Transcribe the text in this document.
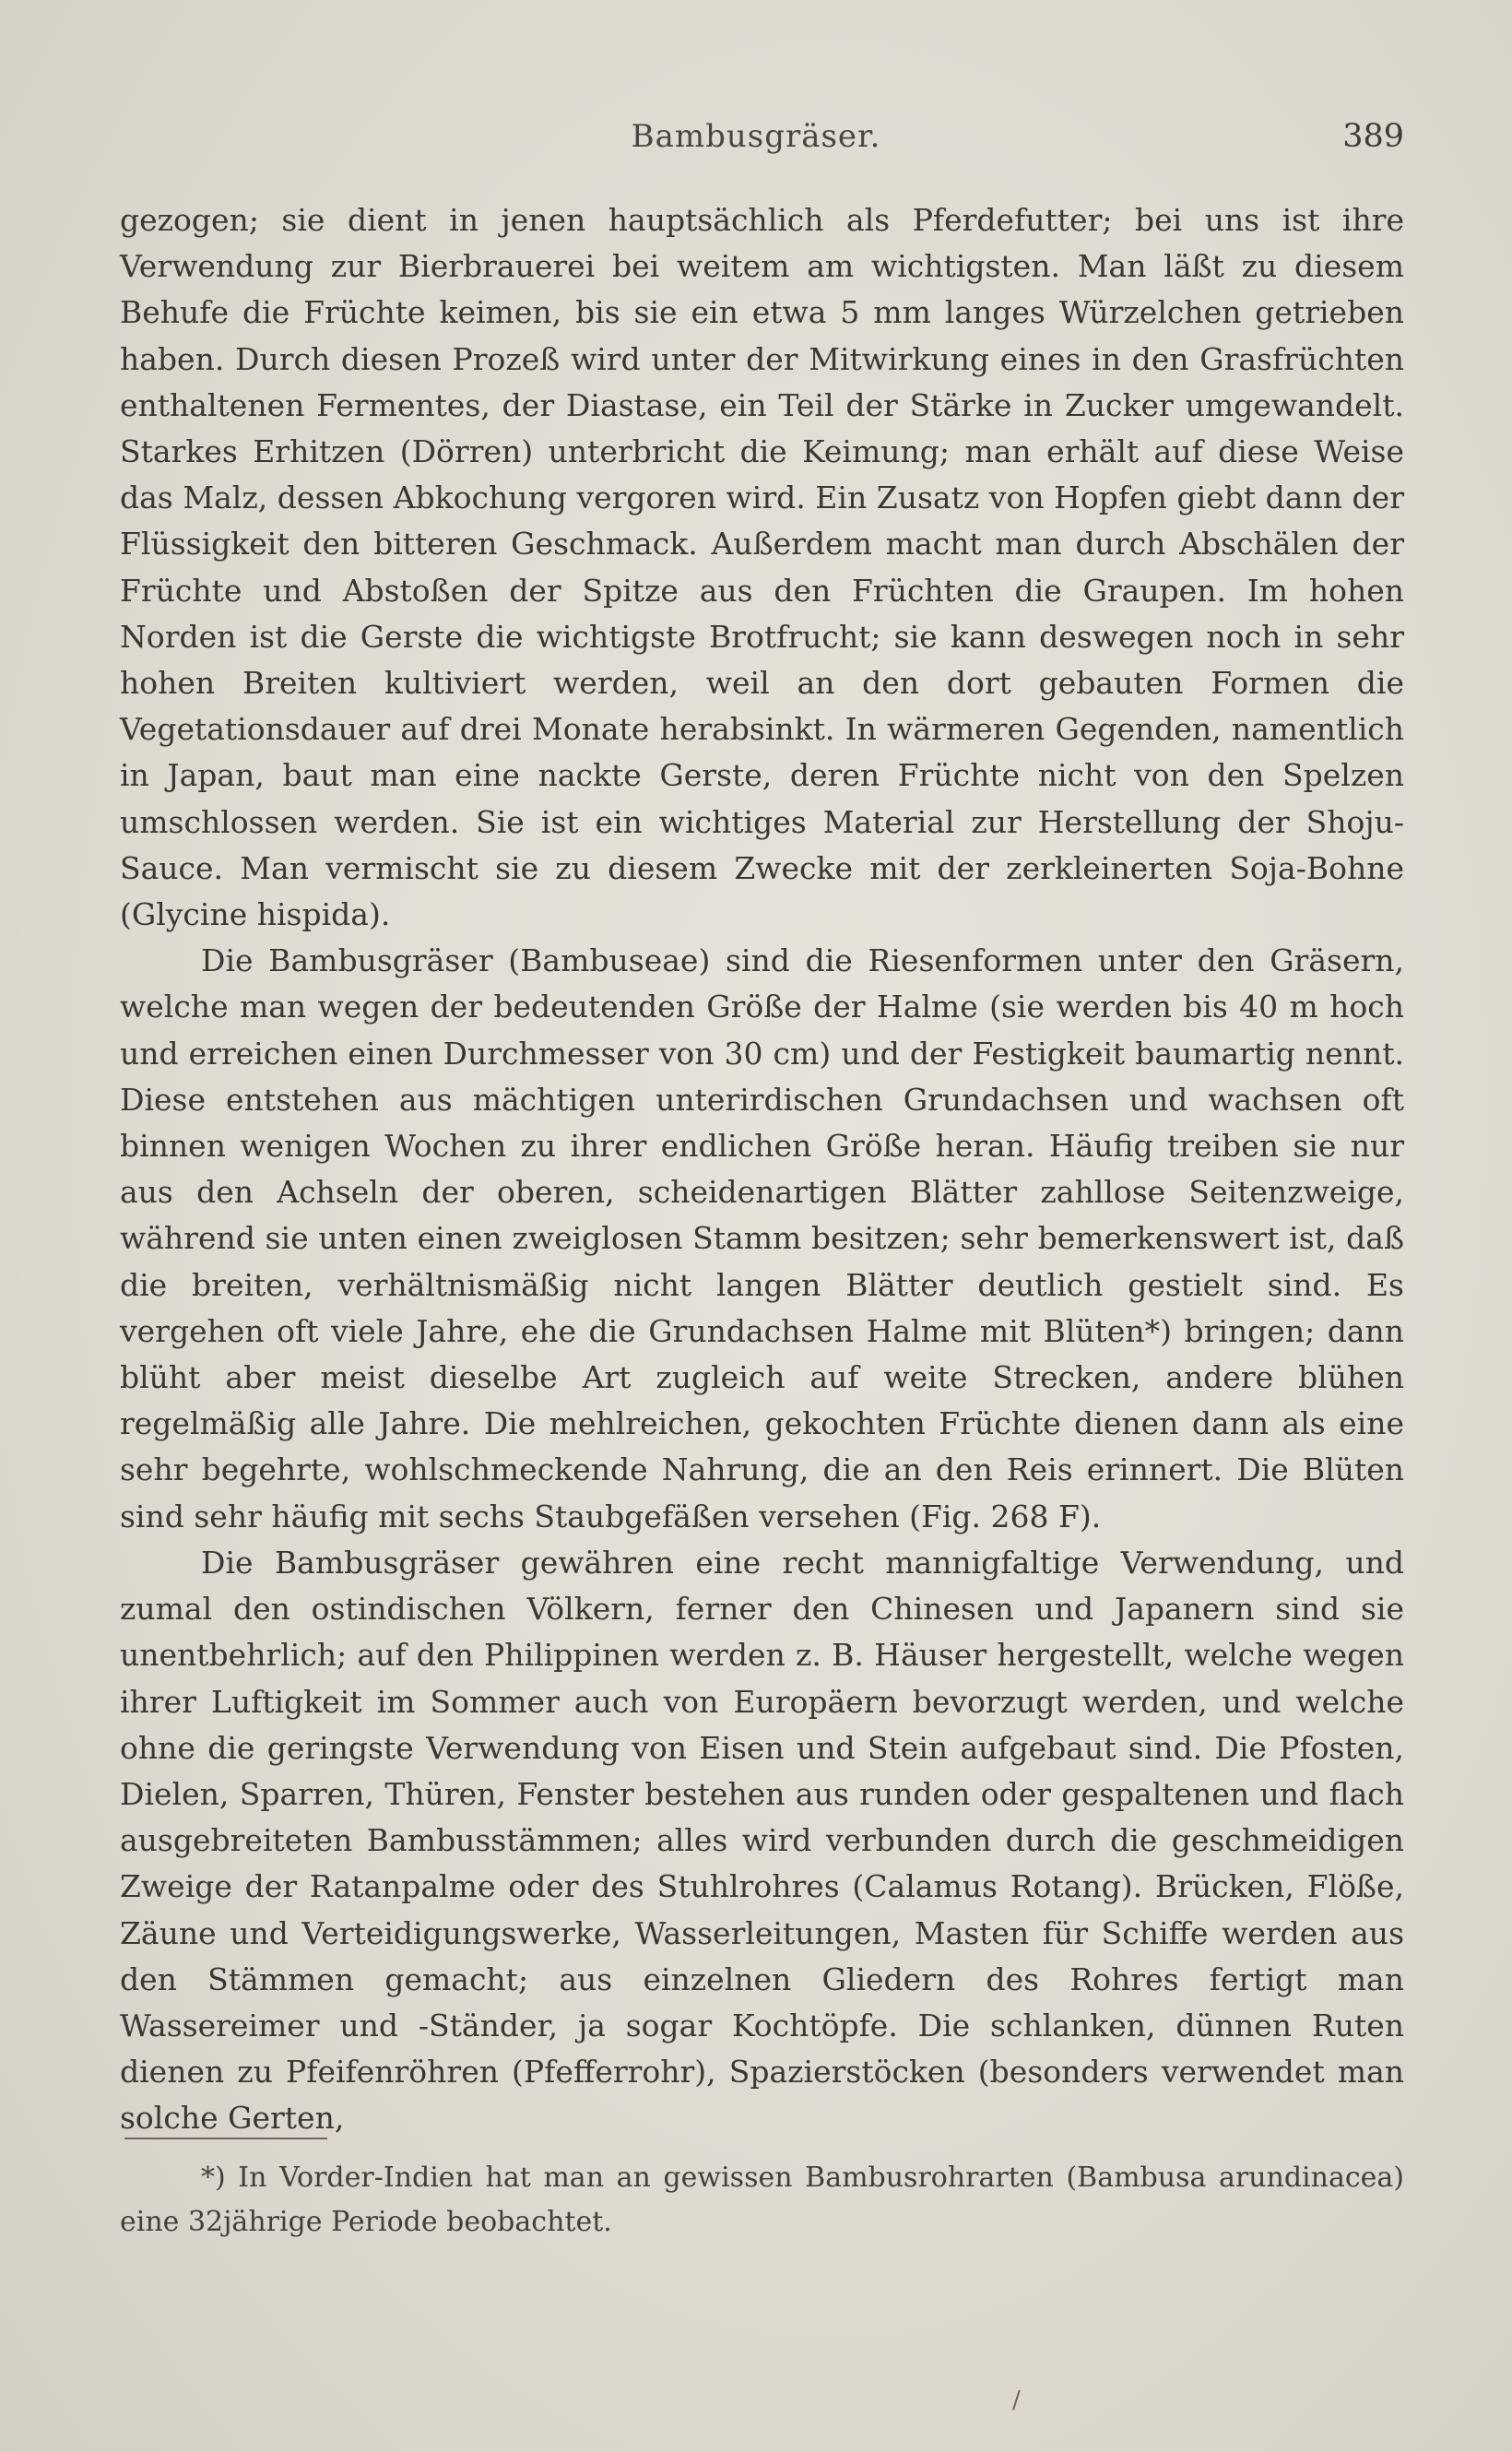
Bambusgräser.	389

gezogen; sie dient in jenen hauptsächlich als Pferdefutter; bei uns ist ihre Verwendung zur Bierbrauerei bei weitem am wichtigsten. Man läßt zu diesem Behufe die Früchte keimen, bis sie ein etwa 5 mm langes Würzelchen getrieben haben. Durch diesen Prozeß wird unter der Mitwirkung eines in den Grasfrüchten enthaltenen Fermentes, der Diastase, ein Teil der Stärke in Zucker umgewandelt. Starkes Erhitzen (Dörren) unterbricht die Keimung; man erhält auf diese Weise das Malz, dessen Abkochung vergoren wird. Ein Zusatz von Hopfen giebt dann der Flüssigkeit den bitteren Geschmack. Außerdem macht man durch Abschälen der Früchte und Abstoßen der Spitze aus den Früchten die Graupen. Im hohen Norden ist die Gerste die wichtigste Brotfrucht; sie kann deswegen noch in sehr hohen Breiten kultiviert werden, weil an den dort gebauten Formen die Vegetationsdauer auf drei Monate herabsinkt. In wärmeren Gegenden, namentlich in Japan, baut man eine nackte Gerste, deren Früchte nicht von den Spelzen umschlossen werden. Sie ist ein wichtiges Material zur Herstellung der Shoju-Sauce. Man vermischt sie zu diesem Zwecke mit der zerkleinerten Soja-Bohne (Glycine hispida).

Die Bambusgräser (Bambuseae) sind die Riesenformen unter den Gräsern, welche man wegen der bedeutenden Größe der Halme (sie werden bis 40 m hoch und erreichen einen Durchmesser von 30 cm) und der Festigkeit baumartig nennt. Diese entstehen aus mächtigen unterirdischen Grundachsen und wachsen oft binnen wenigen Wochen zu ihrer endlichen Größe heran. Häufig treiben sie nur aus den Achseln der oberen, scheidenartigen Blätter zahllose Seitenzweige, während sie unten einen zweiglosen Stamm besitzen; sehr bemerkenswert ist, daß die breiten, verhältnismäßig nicht langen Blätter deutlich gestielt sind. Es vergehen oft viele Jahre, ehe die Grundachsen Halme mit Blüten*) bringen; dann blüht aber meist dieselbe Art zugleich auf weite Strecken, andere blühen regelmäßig alle Jahre. Die mehlreichen, gekochten Früchte dienen dann als eine sehr begehrte, wohlschmeckende Nahrung, die an den Reis erinnert. Die Blüten sind sehr häufig mit sechs Staubgefäßen versehen (Fig. 268 F).

Die Bambusgräser gewähren eine recht mannigfaltige Verwendung, und zumal den ostindischen Völkern, ferner den Chinesen und Japanern sind sie unentbehrlich; auf den Philippinen werden z. B. Häuser hergestellt, welche wegen ihrer Luftigkeit im Sommer auch von Europäern bevorzugt werden, und welche ohne die geringste Verwendung von Eisen und Stein aufgebaut sind. Die Pfosten, Dielen, Sparren, Thüren, Fenster bestehen aus runden oder gespaltenen und flach ausgebreiteten Bambusstämmen; alles wird verbunden durch die geschmeidigen Zweige der Ratanpalme oder des Stuhlrohres (Calamus Rotang). Brücken, Flöße, Zäune und Verteidigungswerke, Wasserleitungen, Masten für Schiffe werden aus den Stämmen gemacht; aus einzelnen Gliedern des Rohres fertigt man Wassereimer und -Ständer, ja sogar Kochtöpfe. Die schlanken, dünnen Ruten dienen zu Pfeifenröhren (Pfefferrohr), Spazierstöcken (besonders verwendet man solche Gerten,

*) In Vorder-Indien hat man an gewissen Bambusrohrarten (Bambusa arundinacea) eine 32jährige Periode beobachtet.
/
